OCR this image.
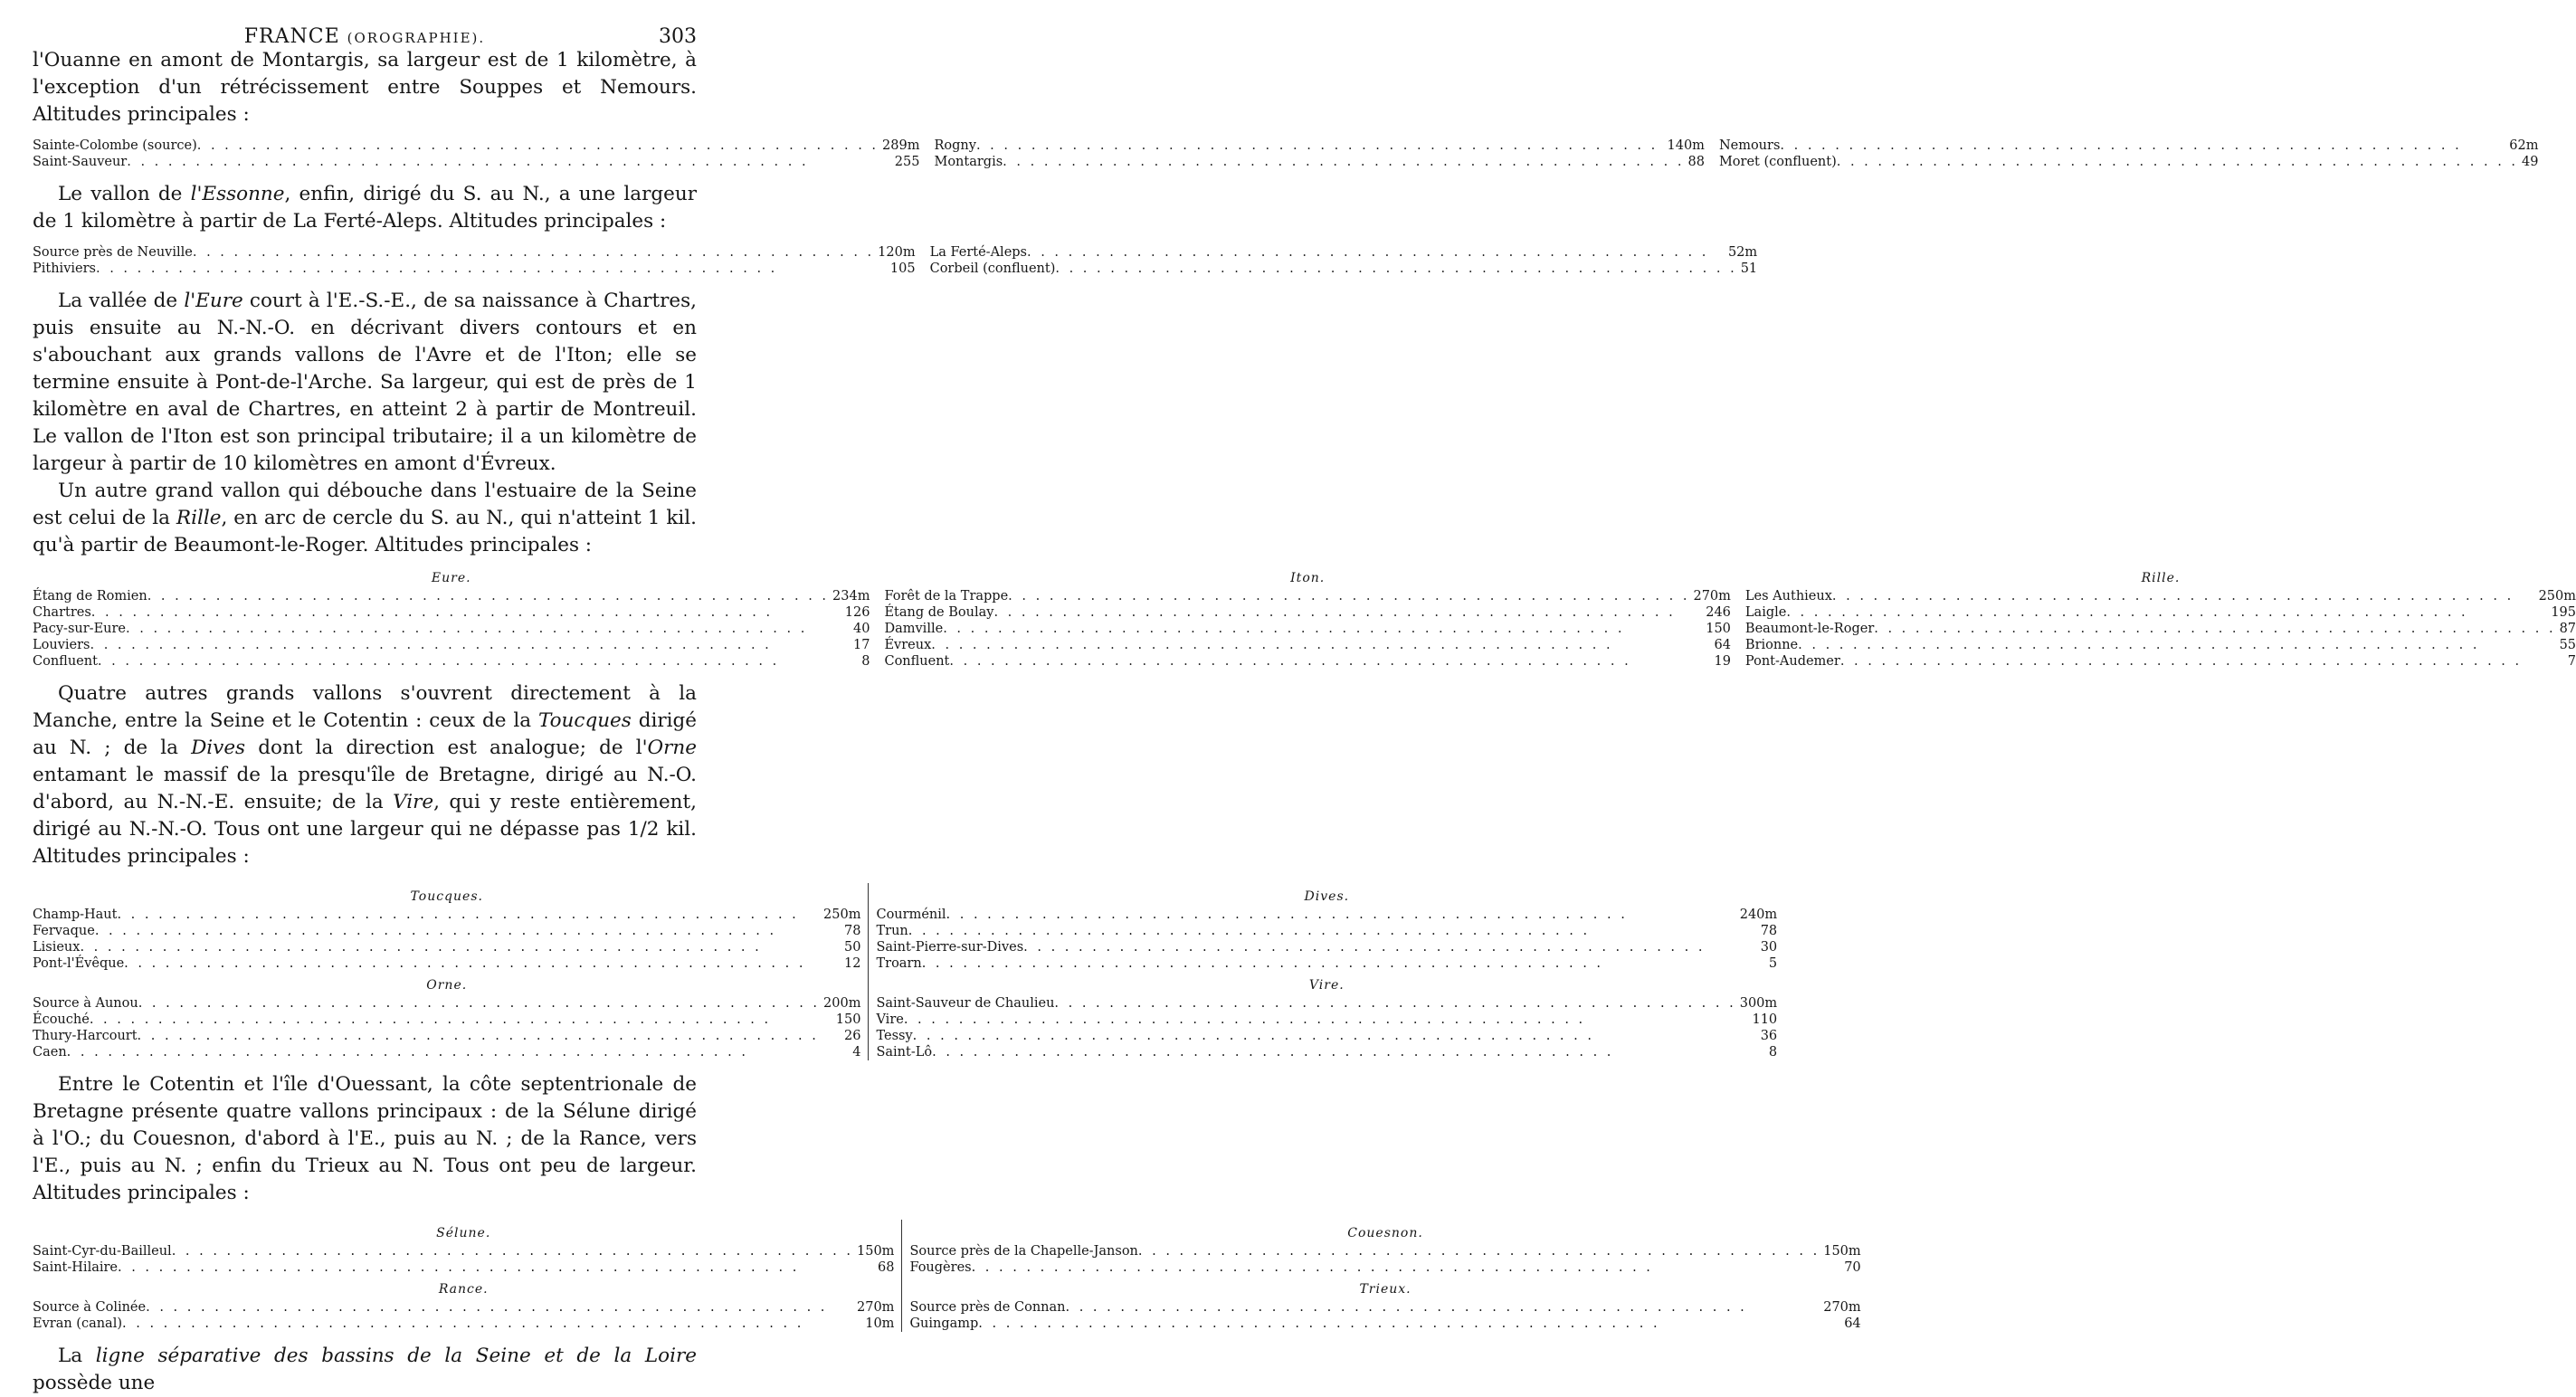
FRANCE (OROGRAPHIE).	303

l'Ouanne en amont de Montargis, sa largeur est de 1 kilomètre, à l'exception d'un rétrécissement entre Souppes et Nemours. Altitudes principales :

Sainte-Colombe (source) . . .	289m
Saint-Sauveur . . .	255
Rogny . . .	140m
Montargis . . .	88
Nemours . . .	62m
Moret (confluent) . . .	49

Le vallon de l'Essonne, enfin, dirigé du S. au N., a une largeur de 1 kilomètre à partir de La Ferté-Aleps. Altitudes principales :

Source près de Neuville . . .	120m
Pithiviers . . .	105
La Ferté-Aleps . . .	52m
Corbeil (confluent) . . .	51

La vallée de l'Eure court à l'E.-S.-E., de sa naissance à Chartres, puis ensuite au N.-N.-O. en décrivant divers contours et en s'abouchant aux grands vallons de l'Avre et de l'Iton; elle se termine ensuite à Pont-de-l'Arche. Sa largeur, qui est de près de 1 kilomètre en aval de Chartres, en atteint 2 à partir de Montreuil. Le vallon de l'Iton est son principal tributaire; il a un kilomètre de largeur à partir de 10 kilomètres en amont d'Évreux.

Un autre grand vallon qui débouche dans l'estuaire de la Seine est celui de la Rille, en arc de cercle du S. au N., qui n'atteint 1 kil. qu'à partir de Beaumont-le-Roger. Altitudes principales :

Eure.
Étang de Romien . . .	234m
Chartres . . .	126
Pacy-sur-Eure . . .	40
Louviers . . .	17
Confluent . . .	8
Iton.
Forêt de la Trappe . . .	270m
Étang de Boulay . . .	246
Damville . . .	150
Évreux . . .	64
Confluent . . .	19
Rille.
Les Authieux . . .	250m
Laigle . . .	195
Beaumont-le-Roger . . .	87
Brionne . . .	55
Pont-Audemer . . .	7

Quatre autres grands vallons s'ouvrent directement à la Manche, entre la Seine et le Cotentin : ceux de la Toucques dirigé au N. ; de la Dives dont la direction est analogue; de l'Orne entamant le massif de la presqu'île de Bretagne, dirigé au N.-O. d'abord, au N.-N.-E. ensuite; de la Vire, qui y reste entièrement, dirigé au N.-N.-O. Tous ont une largeur qui ne dépasse pas 1/2 kil. Altitudes principales :

Toucques.
Champ-Haut . . .	250m
Fervaque . . .	78
Lisieux . . .	50
Pont-l'Évêque . . .	12
Dives.
Courménil . . .	240m
Trun . . .	78
Saint-Pierre-sur-Dives . . .	30
Troarn . . .	5
Orne.
Source à Aunou . . .	200m
Écouché . . .	150
Thury-Harcourt . . .	26
Caen . . .	4
Vire.
Saint-Sauveur de Chaulieu . . .	300m
Vire . . .	110
Tessy . . .	36
Saint-Lô . . .	8

Entre le Cotentin et l'île d'Ouessant, la côte septentrionale de Bretagne présente quatre vallons principaux : de la Sélune dirigé à l'O.; du Couesnon, d'abord à l'E., puis au N. ; de la Rance, vers l'E., puis au N. ; enfin du Trieux au N. Tous ont peu de largeur. Altitudes principales :

Sélune.
Saint-Cyr-du-Bailleul . . .	150m
Saint-Hilaire . . .	68
Couesnon.
Source près de la Chapelle-Janson . . .	150m
Fougères . . .	70
Rance.
Source à Colinée . . .	270m
Evran (canal) . . .	10m
Trieux.
Source près de Connan . . .	270m
Guingamp . . .	64

La ligne séparative des bassins de la Seine et de la Loire possède une
